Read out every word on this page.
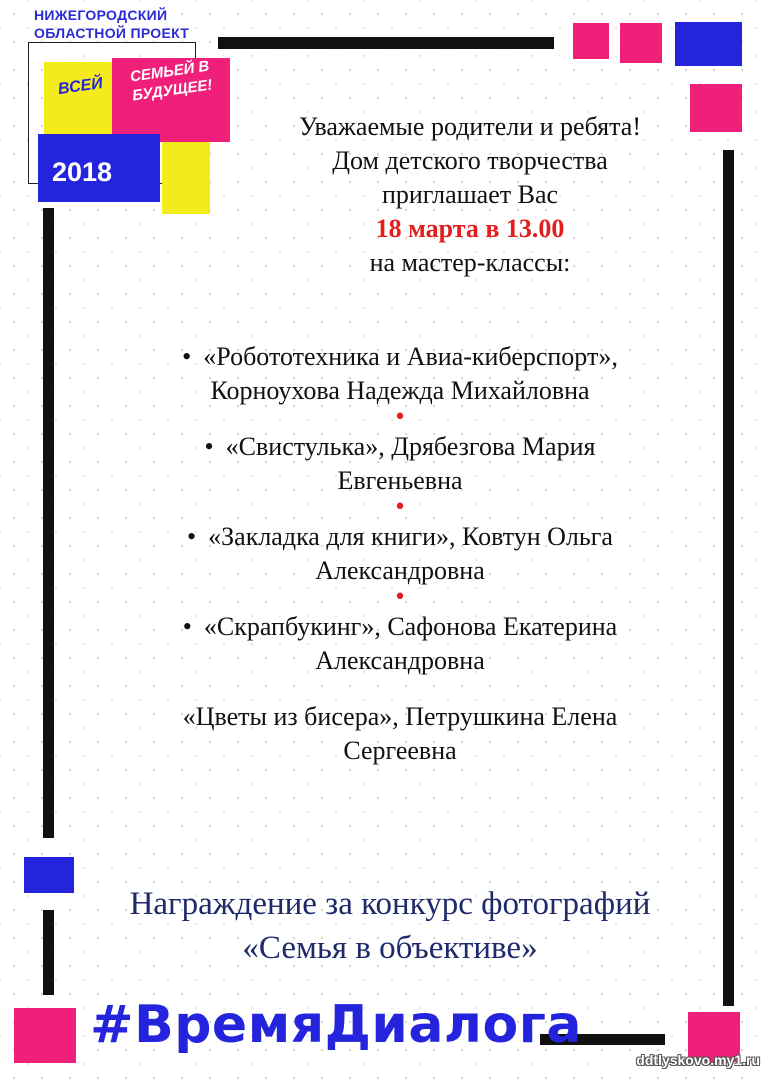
НИЖЕГОРОДСКИЙ
ОБЛАСТНОЙ ПРОЕКТ
ВСЕЙ
СЕМЬЕЙ В БУДУЩЕЕ!
2018
Уважаемые родители и ребята!
Дом детского творчества
приглашает Вас
18 марта в 13.00
на мастер-классы:
• «Робототехника и Авиа-киберспорт»,
Корноухова Надежда Михайловна
•
• «Свистулька», Дрябезгова Мария
Евгеньевна
•
• «Закладка для книги», Ковтун Ольга
Александровна
•
• «Скрапбукинг», Сафонова Екатерина
Александровна
«Цветы из бисера», Петрушкина Елена
Сергеевна
Награждение за конкурс фотографий
«Семья в объективе»
#ВремяДиалога
ddtlyskovo.my1.ru
